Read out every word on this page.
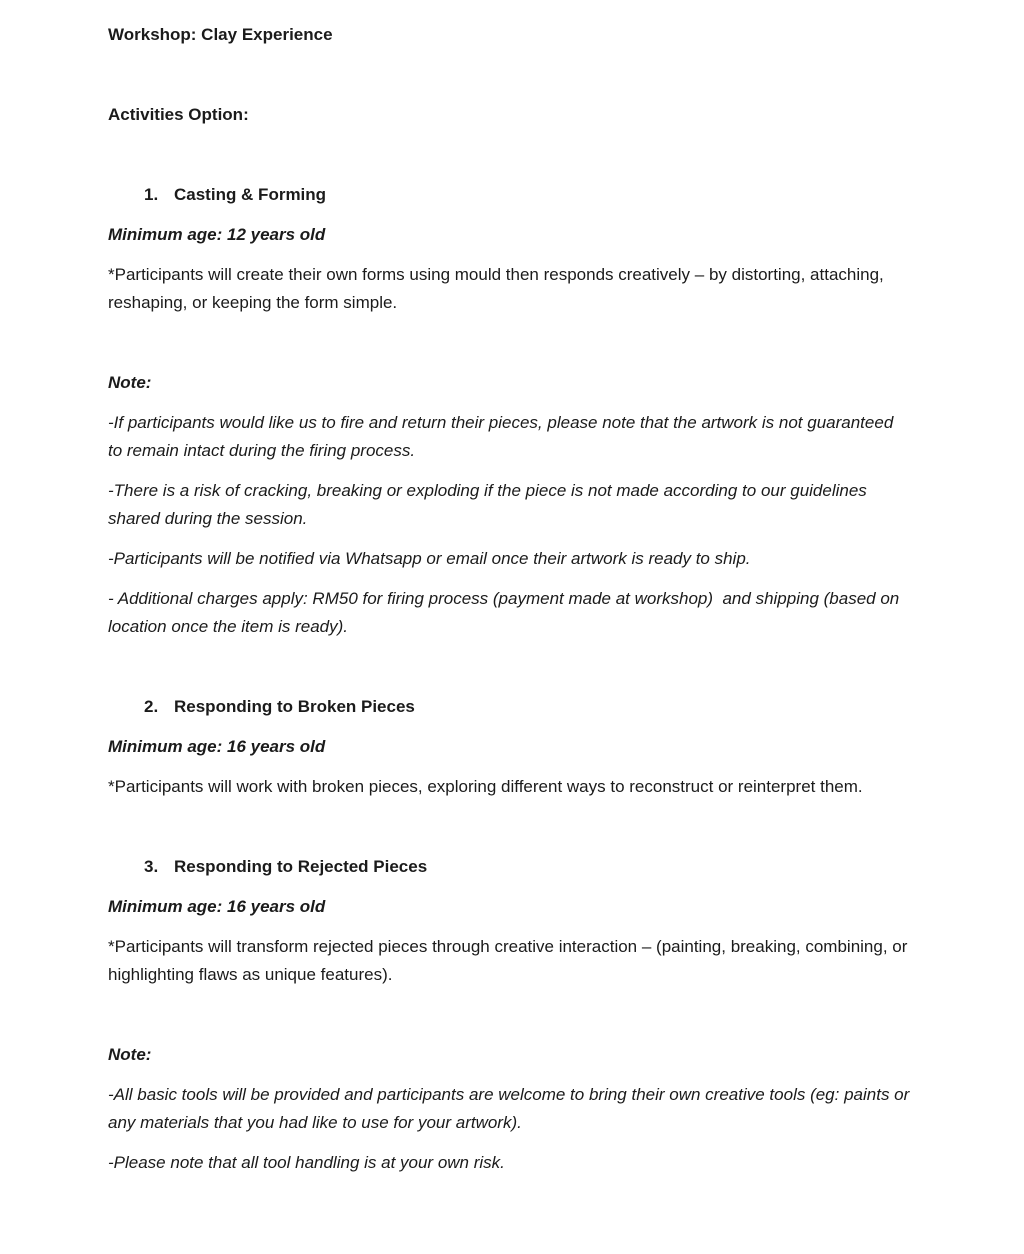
Workshop: Clay Experience

Activities Option:

1. Casting & Forming

Minimum age: 12 years old

*Participants will create their own forms using mould then responds creatively – by distorting, attaching, reshaping, or keeping the form simple.

Note:

-If participants would like us to fire and return their pieces, please note that the artwork is not guaranteed to remain intact during the firing process.

-There is a risk of cracking, breaking or exploding if the piece is not made according to our guidelines shared during the session.

-Participants will be notified via Whatsapp or email once their artwork is ready to ship.

- Additional charges apply: RM50 for firing process (payment made at workshop)  and shipping (based on location once the item is ready).

2. Responding to Broken Pieces

Minimum age: 16 years old

*Participants will work with broken pieces, exploring different ways to reconstruct or reinterpret them.

3. Responding to Rejected Pieces

Minimum age: 16 years old

*Participants will transform rejected pieces through creative interaction – (painting, breaking, combining, or highlighting flaws as unique features).

Note:

-All basic tools will be provided and participants are welcome to bring their own creative tools (eg: paints or any materials that you had like to use for your artwork).

-Please note that all tool handling is at your own risk.
